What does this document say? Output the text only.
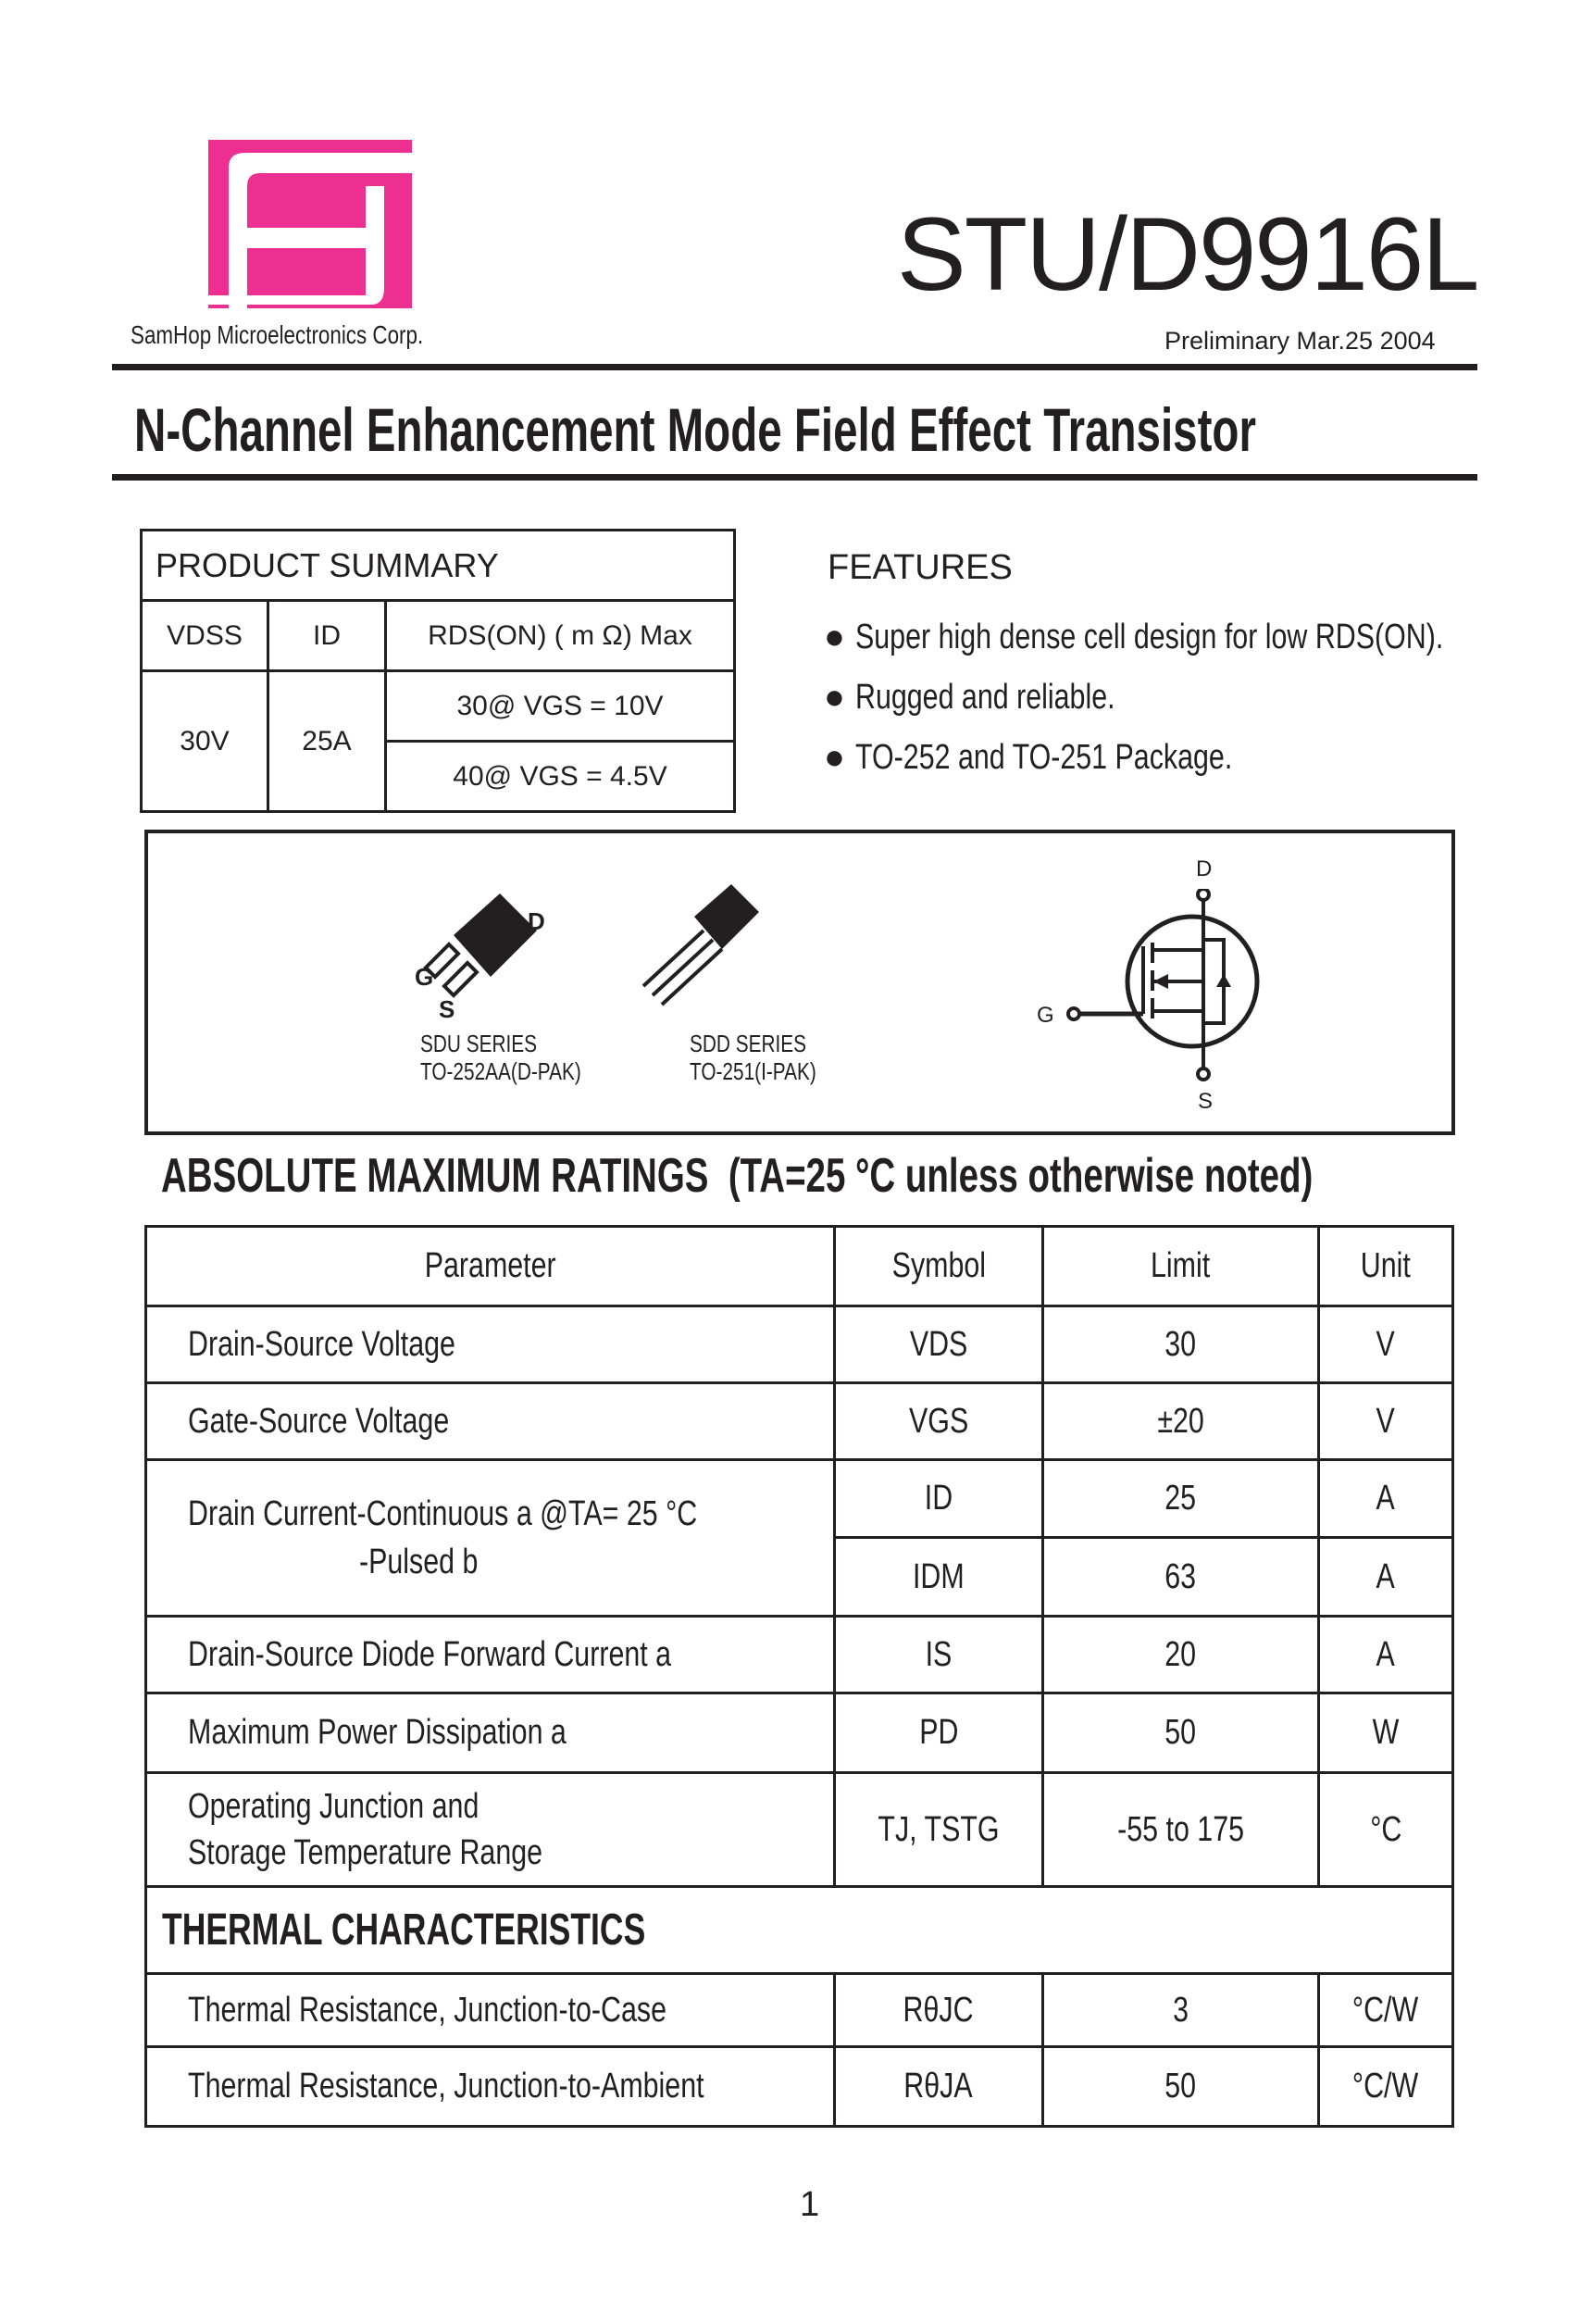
SamHop Microelectronics Corp.
STU/D9916L
Preliminary Mar.25 2004
N-Channel Enhancement Mode Field Effect Transistor
PRODUCT SUMMARY		
VDSS	ID	RDS(ON) ( m Ω) Max
30V	25A	30@ VGS = 10V
		40@ VGS = 4.5V
FEATURES
● Super high dense cell design for low RDS(ON).
● Rugged and reliable.
● TO-252 and TO-251 Package.
D
G
S
SDU SERIES
TO-252AA(D-PAK)
SDD SERIES
TO-251(I-PAK)
D
G
S
ABSOLUTE MAXIMUM RATINGS (TA=25 °C unless otherwise noted)
Parameter	Symbol	Limit	Unit
Drain-Source Voltage	VDS	30	V
Gate-Source Voltage	VGS	±20	V
Drain Current-Continuous a @TA= 25 °C
-Pulsed b	ID	25	A
	IDM	63	A
Drain-Source Diode Forward Current a	IS	20	A
Maximum Power Dissipation a	PD	50	W
Operating Junction and Storage Temperature Range	TJ, TSTG	-55 to 175	°C
THERMAL CHARACTERISTICS			
Thermal Resistance, Junction-to-Case	RθJC	3	°C/W
Thermal Resistance, Junction-to-Ambient	RθJA	50	°C/W
1
